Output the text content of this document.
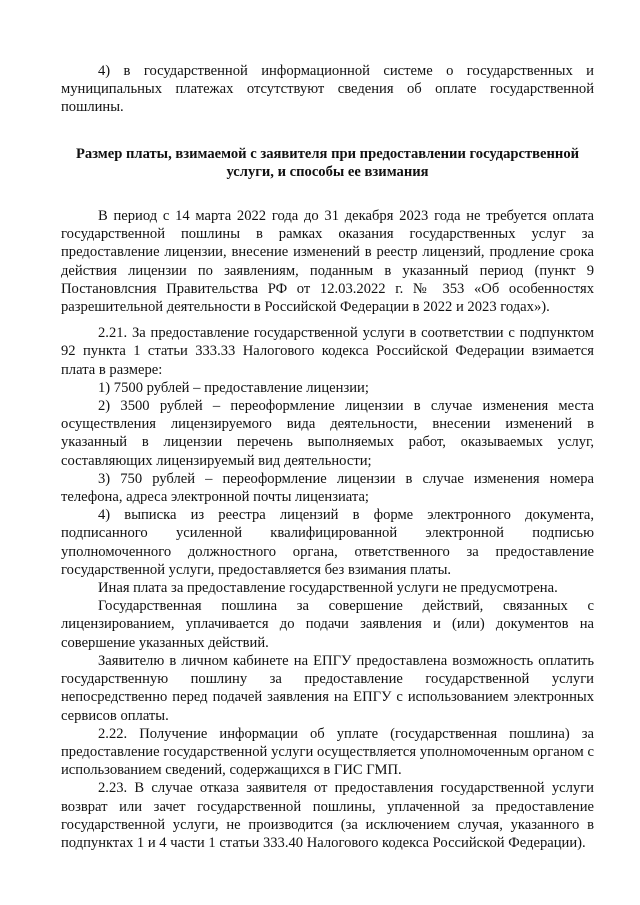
4) в государственной информационной системе о государственных и муниципальных платежах отсутствуют сведения об оплате государственной пошлины.

Размер платы, взимаемой с заявителя при предоставлении государственной услуги, и способы ее взимания

В период с 14 марта 2022 года до 31 декабря 2023 года не требуется оплата государственной пошлины в рамках оказания государственных услуг за предоставление лицензии, внесение изменений в реестр лицензий, продление срока действия лицензии по заявлениям, поданным в указанный период (пункт 9 Постановлсния Правительства РФ от 12.03.2022 г. № 353 «Об особенностях разрешительной деятельности в Российской Федерации в 2022 и 2023 годах»).

2.21. За предоставление государственной услуги в соответствии с подпунктом 92 пункта 1 статьи 333.33 Налогового кодекса Российской Федерации взимается плата в размере:

1) 7500 рублей – предоставление лицензии;

2) 3500 рублей – переоформление лицензии в случае изменения места осуществления лицензируемого вида деятельности, внесении изменений в указанный в лицензии перечень выполняемых работ, оказываемых услуг, составляющих лицензируемый вид деятельности;

3) 750 рублей – переоформление лицензии в случае изменения номера телефона, адреса электронной почты лицензиата;

4) выписка из реестра лицензий в форме электронного документа, подписанного усиленной квалифицированной электронной подписью уполномоченного должностного органа, ответственного за предоставление государственной услуги, предоставляется без взимания платы.

Иная плата за предоставление государственной услуги не предусмотрена.

Государственная пошлина за совершение действий, связанных с лицензированием, уплачивается до подачи заявления и (или) документов на совершение указанных действий.

Заявителю в личном кабинете на ЕПГУ предоставлена возможность оплатить государственную пошлину за предоставление государственной услуги непосредственно перед подачей заявления на ЕПГУ с использованием электронных сервисов оплаты.

2.22. Получение информации об уплате (государственная пошлина) за предоставление государственной услуги осуществляется уполномоченным органом с использованием сведений, содержащихся в ГИС ГМП.

2.23. В случае отказа заявителя от предоставления государственной услуги возврат или зачет государственной пошлины, уплаченной за предоставление государственной услуги, не производится (за исключением случая, указанного в подпунктах 1 и 4 части 1 статьи 333.40 Налогового кодекса Российской Федерации).
